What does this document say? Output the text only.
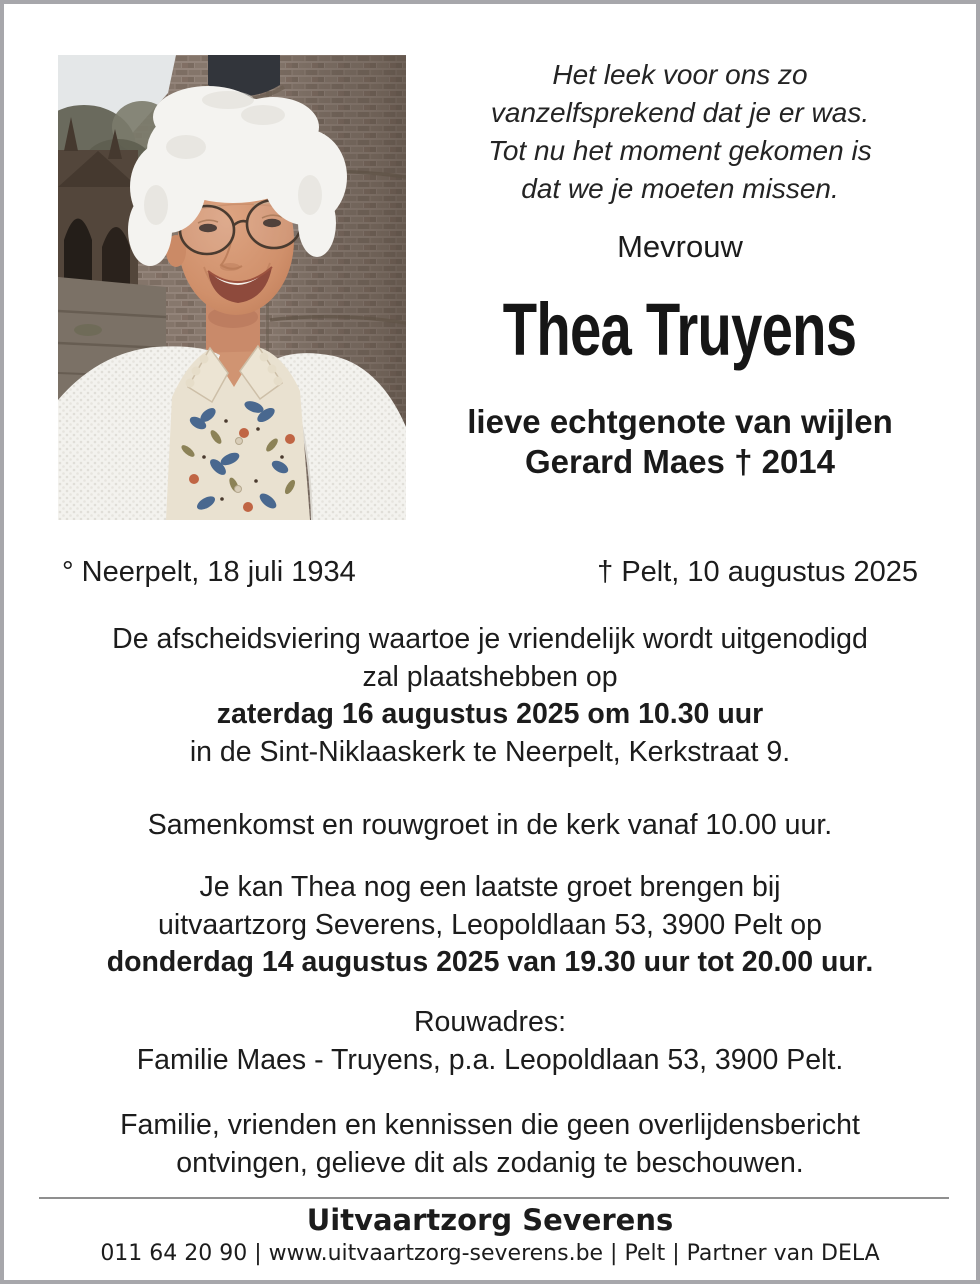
Het leek voor ons zo
vanzelfsprekend dat je er was.
Tot nu het moment gekomen is
dat we je moeten missen.
Mevrouw
Thea Truyens
lieve echtgenote van wijlen
Gerard Maes † 2014
° Neerpelt, 18 juli 1934	† Pelt, 10 augustus 2025

De afscheidsviering waartoe je vriendelijk wordt uitgenodigd
zal plaatshebben op
zaterdag 16 augustus 2025 om 10.30 uur
in de Sint-Niklaaskerk te Neerpelt, Kerkstraat 9.

Samenkomst en rouwgroet in de kerk vanaf 10.00 uur.

Je kan Thea nog een laatste groet brengen bij
uitvaartzorg Severens, Leopoldlaan 53, 3900 Pelt op
donderdag 14 augustus 2025 van 19.30 uur tot 20.00 uur.

Rouwadres:
Familie Maes - Truyens, p.a. Leopoldlaan 53, 3900 Pelt.

Familie, vrienden en kennissen die geen overlijdensbericht
ontvingen, gelieve dit als zodanig te beschouwen.

Uitvaartzorg Severens
011 64 20 90 | www.uitvaartzorg-severens.be | Pelt | Partner van DELA
